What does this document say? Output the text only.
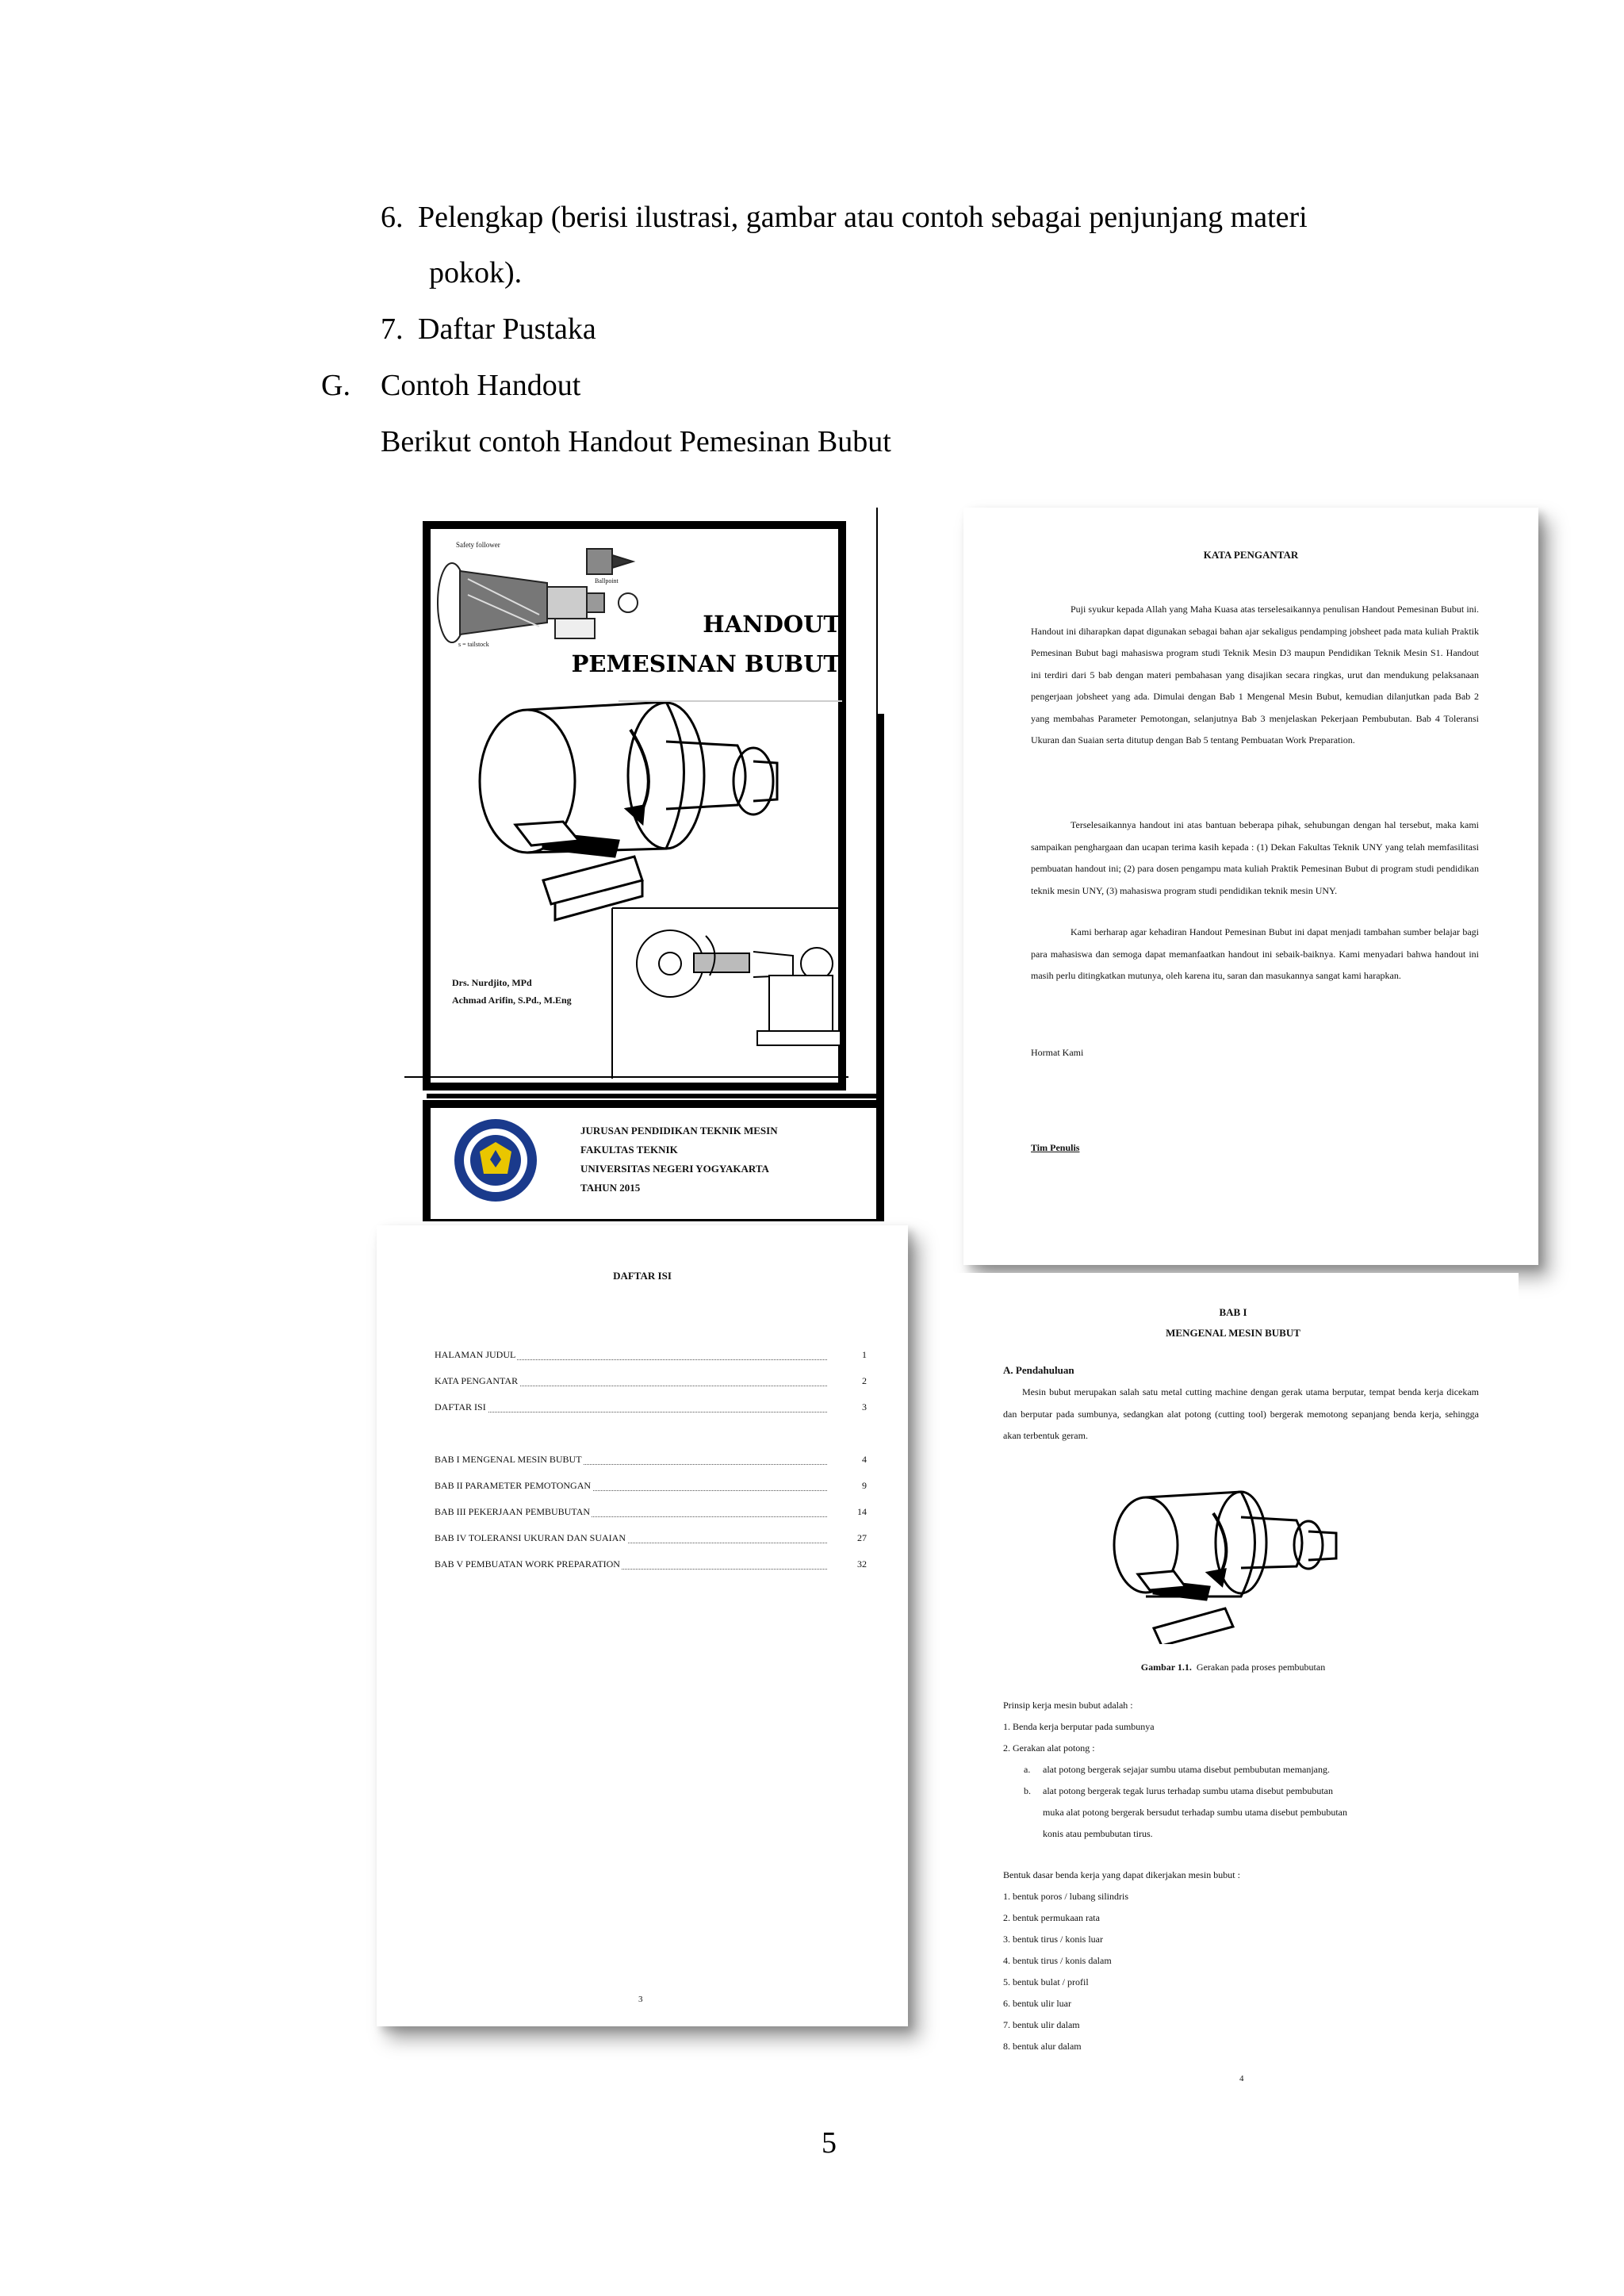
6. Pelengkap (berisi ilustrasi, gambar atau contoh sebagai penjunjang materi
pokok).
7. Daftar Pustaka
G. Contoh Handout
Berikut contoh Handout Pemesinan Bubut
Safety follower
Ballpoint
s = tailstock
HANDOUT
PEMESINAN BUBUT
Drs. Nurdjito, MPd
Achmad Arifin, S.Pd., M.Eng
JURUSAN PENDIDIKAN TEKNIK MESIN
FAKULTAS TEKNIK
UNIVERSITAS NEGERI YOGYAKARTA
TAHUN 2015
KATA PENGANTAR
Puji syukur kepada Allah yang Maha Kuasa atas terselesaikannya penulisan Handout Pemesinan Bubut ini. Handout ini diharapkan dapat digunakan sebagai bahan ajar sekaligus pendamping jobsheet pada mata kuliah Praktik Pemesinan Bubut bagi mahasiswa program studi Teknik Mesin D3 maupun Pendidikan Teknik Mesin S1. Handout ini terdiri dari 5 bab dengan materi pembahasan yang disajikan secara ringkas, urut dan mendukung pelaksanaan pengerjaan jobsheet yang ada. Dimulai dengan Bab 1 Mengenal Mesin Bubut, kemudian dilanjutkan pada Bab 2 yang membahas Parameter Pemotongan, selanjutnya Bab 3 menjelaskan Pekerjaan Pembubutan. Bab 4 Toleransi Ukuran dan Suaian serta ditutup dengan Bab 5 tentang Pembuatan Work Preparation.
Terselesaikannya handout ini atas bantuan beberapa pihak, sehubungan dengan hal tersebut, maka kami sampaikan penghargaan dan ucapan terima kasih kepada : (1) Dekan Fakultas Teknik UNY yang telah memfasilitasi pembuatan handout ini; (2) para dosen pengampu mata kuliah Praktik Pemesinan Bubut di program studi pendidikan teknik mesin UNY, (3) mahasiswa program studi pendidikan teknik mesin UNY.
Kami berharap agar kehadiran Handout Pemesinan Bubut ini dapat menjadi tambahan sumber belajar bagi para mahasiswa dan semoga dapat memanfaatkan handout ini sebaik-baiknya. Kami menyadari bahwa handout ini masih perlu ditingkatkan mutunya, oleh karena itu, saran dan masukannya sangat kami harapkan.
Hormat Kami
Tim Penulis
DAFTAR ISI
HALAMAN JUDUL	1
KATA PENGANTAR	2
DAFTAR ISI	3
BAB I MENGENAL MESIN BUBUT	4
BAB II PARAMETER PEMOTONGAN	9
BAB III PEKERJAAN PEMBUBUTAN	14
BAB IV TOLERANSI UKURAN DAN SUAIAN	27
BAB V PEMBUATAN WORK PREPARATION	32
3
BAB I
MENGENAL MESIN BUBUT
A. Pendahuluan
Mesin bubut merupakan salah satu metal cutting machine dengan gerak utama berputar, tempat benda kerja dicekam dan berputar pada sumbunya, sedangkan alat potong (cutting tool) bergerak memotong sepanjang benda kerja, sehingga akan terbentuk geram.
Gambar 1.1. Gerakan pada proses pembubutan
Prinsip kerja mesin bubut adalah :
1. Benda kerja berputar pada sumbunya
2. Gerakan alat potong :
a. alat potong bergerak sejajar sumbu utama disebut pembubutan memanjang.
b. alat potong bergerak tegak lurus terhadap sumbu utama disebut pembubutan
muka alat potong bergerak bersudut terhadap sumbu utama disebut pembubutan
konis atau pembubutan tirus.
Bentuk dasar benda kerja yang dapat dikerjakan mesin bubut :
1. bentuk poros / lubang silindris
2. bentuk permukaan rata
3. bentuk tirus / konis luar
4. bentuk tirus / konis dalam
5. bentuk bulat / profil
6. bentuk ulir luar
7. bentuk ulir dalam
8. bentuk alur dalam
4
5
